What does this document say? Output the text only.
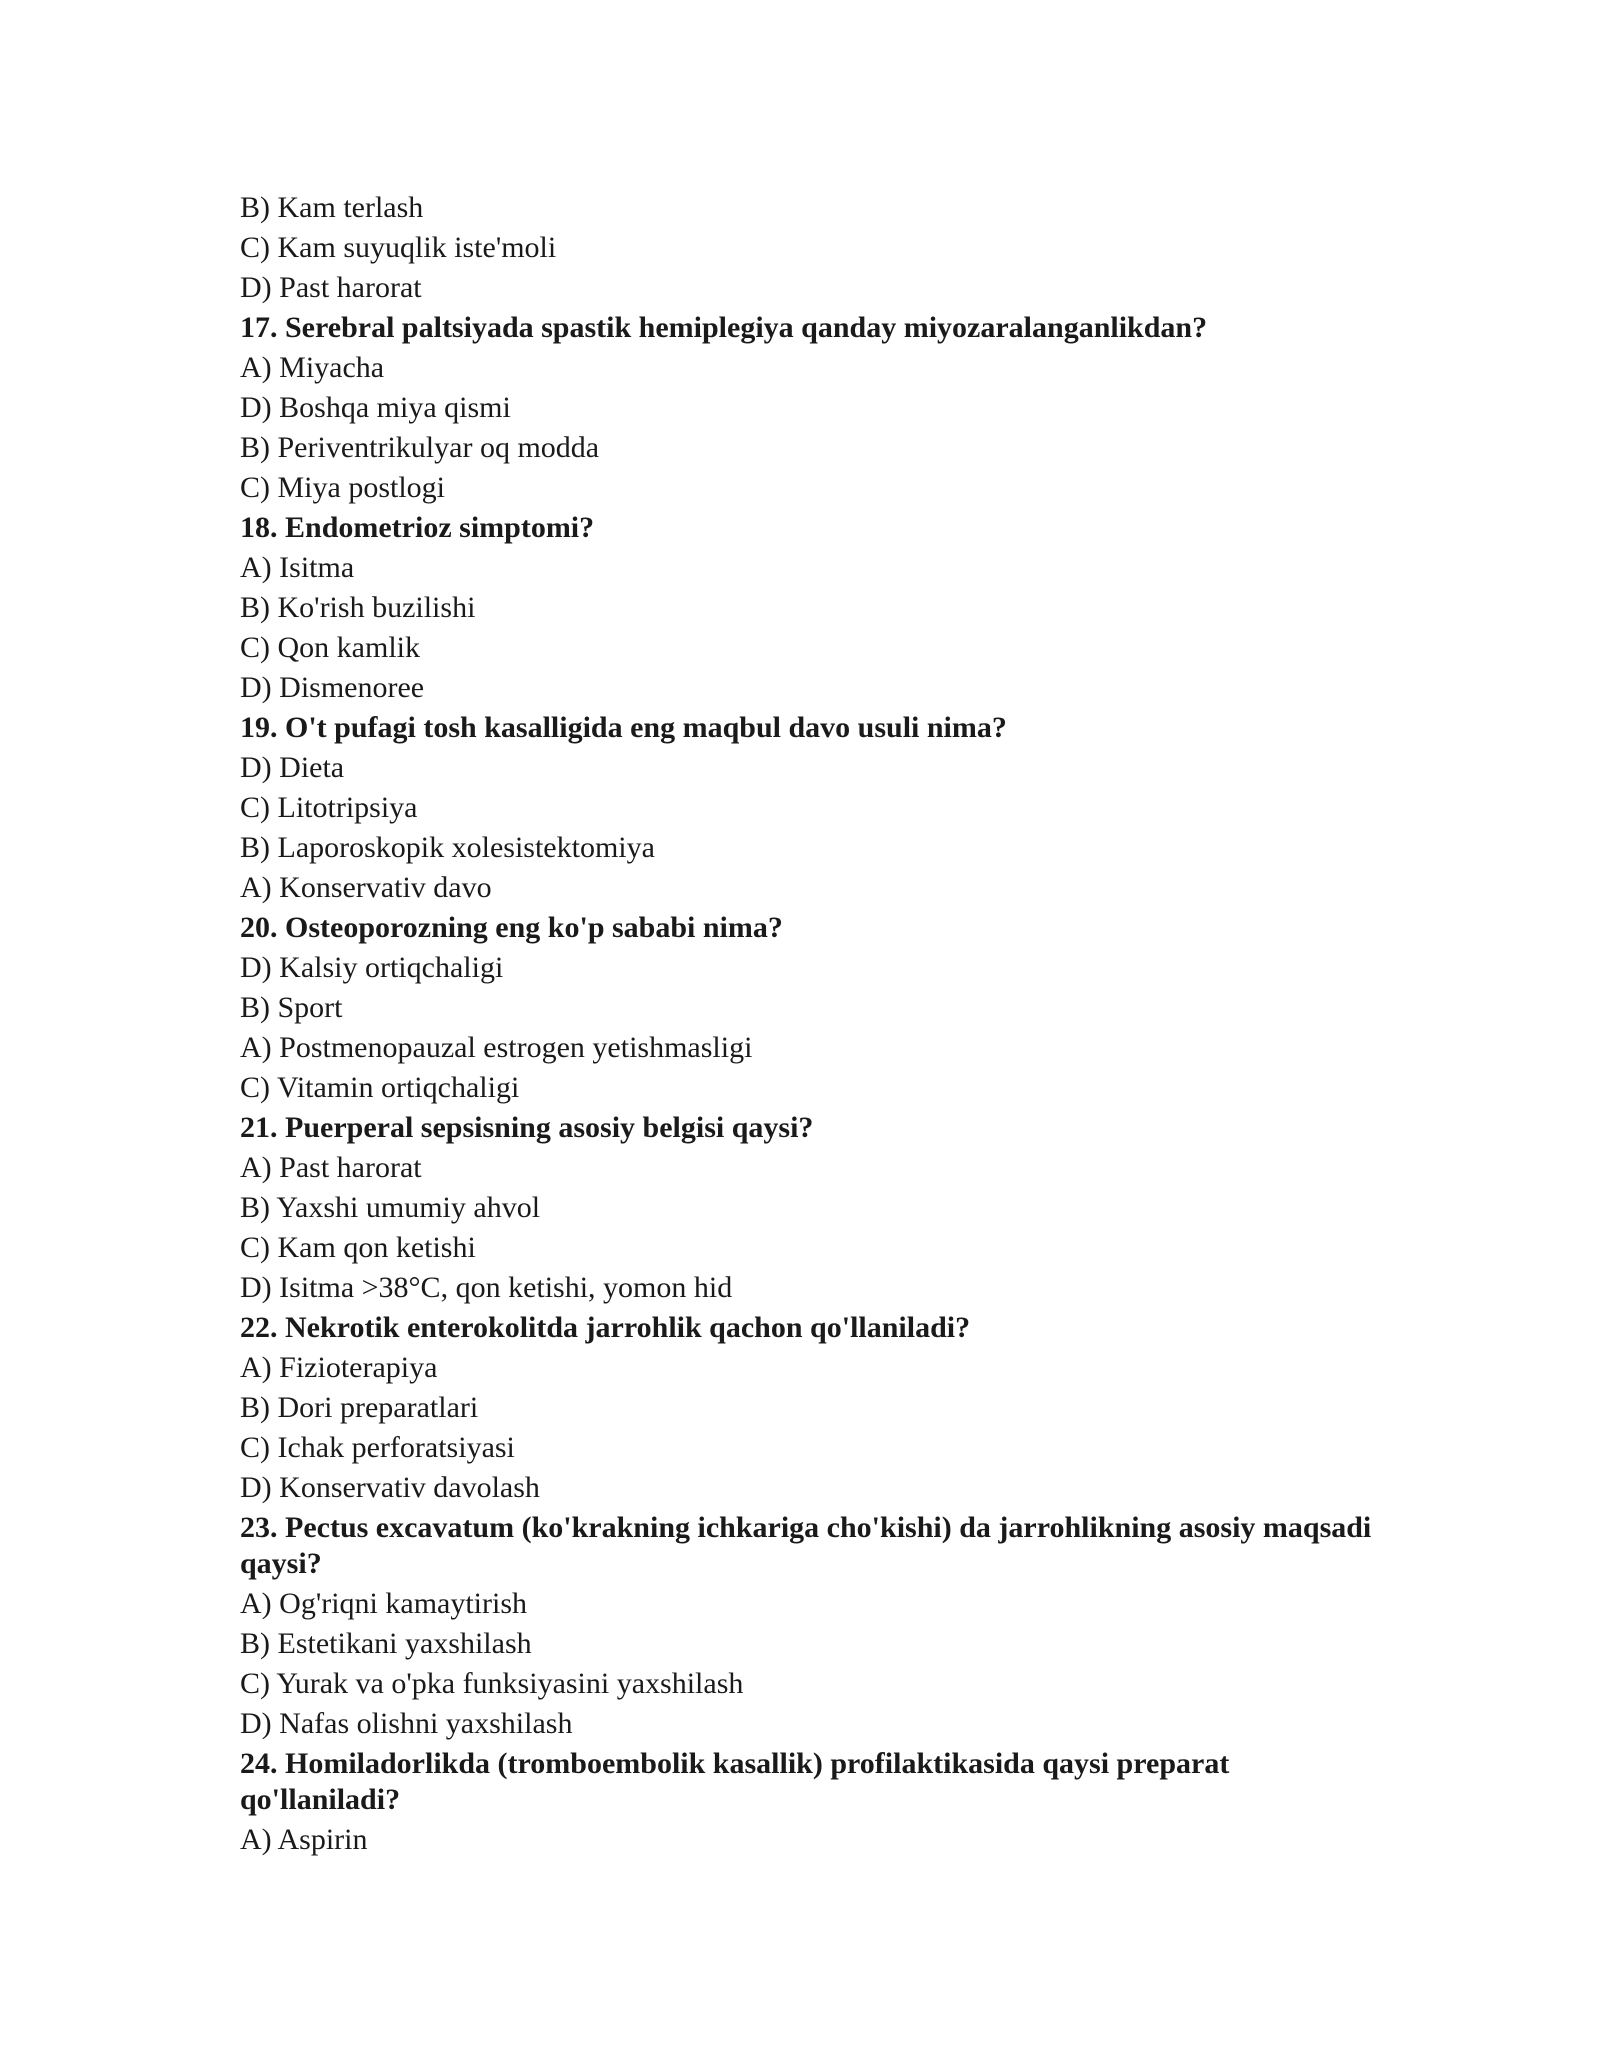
B) Kam terlash

C) Kam suyuqlik iste'moli

D) Past harorat

17. Serebral paltsiyada spastik hemiplegiya qanday miyozaralanganlikdan?

A) Miyacha

D) Boshqa miya qismi

B) Periventrikulyar oq modda

C) Miya postlogi

18. Endometrioz simptomi?

A) Isitma

B) Ko'rish buzilishi

C) Qon kamlik

D) Dismenoree

19. O't pufagi tosh kasalligida eng maqbul davo usuli nima?

D) Dieta

C) Litotripsiya

B) Laporoskopik xolesistektomiya

A) Konservativ davo

20. Osteoporozning eng ko'p sababi nima?

D) Kalsiy ortiqchaligi

B) Sport

A) Postmenopauzal estrogen yetishmasligi

C) Vitamin ortiqchaligi

21. Puerperal sepsisning asosiy belgisi qaysi?

A) Past harorat

B) Yaxshi umumiy ahvol

C) Kam qon ketishi

D) Isitma >38°C, qon ketishi, yomon hid

22. Nekrotik enterokolitda jarrohlik qachon qo'llaniladi?

A) Fizioterapiya

B) Dori preparatlari

C) Ichak perforatsiyasi

D) Konservativ davolash

23. Pectus excavatum (ko'krakning ichkariga cho'kishi) da jarrohlikning asosiy maqsadi qaysi?

A) Og'riqni kamaytirish

B) Estetikani yaxshilash

C) Yurak va o'pka funksiyasini yaxshilash

D) Nafas olishni yaxshilash

24. Homiladorlikda (tromboembolik kasallik) profilaktikasida qaysi preparat qo'llaniladi?

A) Aspirin
